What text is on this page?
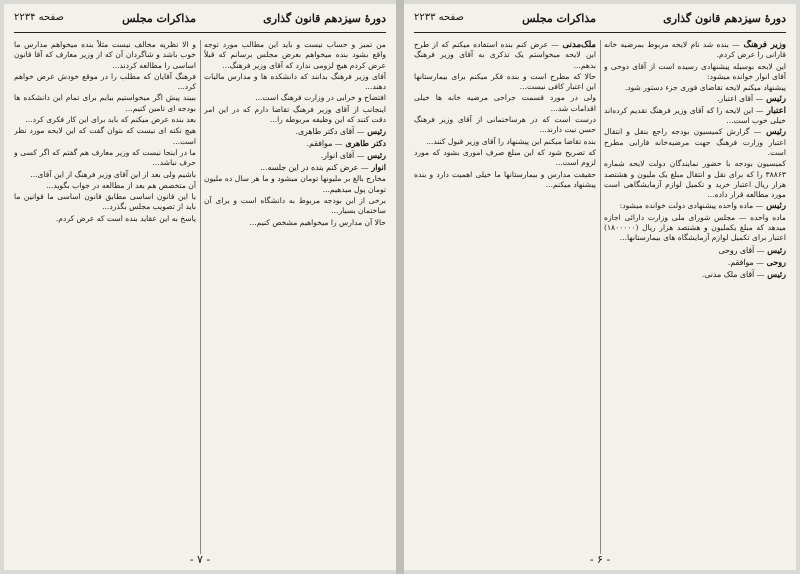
دورهٔ سیزدهم قانون گذاری
مذاکرات مجلس
صفحه ۲۲۳۴

من تمیز و حساب نیست و باید این مطالب مورد توجه واقع بشود بنده میخواهم بعرض مجلس برسانم که قبلاً عرض کردم هیچ لزومی ندارد که آقای وزیر فرهنگ...

آقای وزیر فرهنگ بدانند که دانشکده ها و مدارس مالیات دهند...

افتضاح و خرابی در وزارت فرهنگ است...

اینجانب از آقای وزیر فرهنگ تقاضا دارم که در این امر دقت کنند که این وظیفه مربوطه را...

رئیس — آقای دکتر طاهری.

دکتر طاهری — موافقم.

رئیس — آقای انوار.

انوار — عرض کنم بنده در این جلسه...

مخارج بالغ بر ملیونها تومان میشود و ما هر سال ده ملیون تومان پول میدهیم...

برخی از این بودجه مربوط به دانشگاه است و برای آن ساختمان بسیار...

حالا آن مدارس را میخواهیم مشخص کنیم...

و الا نظریه مخالف نیست مثلاً بنده میخواهم مدارس ما خوب باشد و شاگردان آن که از وزیر معارف که آقا قانون اساسی را مطالعه کردند...

فرهنگ آقایان که مطلب را در موقع خودش عرض خواهم کرد...

ببیند پیش اگر میخواستیم بیایم برای تمام این دانشکده ها بودجه ای تامین کنیم...

بعد بنده عرض میکنم که باید برای این کار فکری کرد...

هیچ نکته ای نیست که بتوان گفت که این لایحه مورد نظر است...

ما در اینجا نیست که وزیر معارف هم گفتم که اگر کسی و حرف نباشد...

باشیم ولی بعد از این آقای وزیر فرهنگ از این آقای...

آن متخصص هم بعد از مطالعه در جواب بگوید...

یا این قانون اساسی مطابق قانون اساسی ما قوانین ما باید از تصویب مجلس بگذرد...

پاسخ به این عقاید بنده است که عرض کردم.

- ۷ -
دورهٔ سیزدهم قانون گذاری
مذاکرات مجلس
صفحه ۲۲۳۳

وزیر فرهنگ — بنده شد نام لایحه مربوط بمرضیه خانه قارانی را عرض کردم.

این لایحه بوسیله پیشنهادی رسیده است از آقای دوحی و آقای انوار خوانده میشود:

پیشنهاد میکنم لایحه تقاضای فوری جزء دستور شود.

رئیس — آقای اعتبار.

اعتبار — این لایحه را که آقای وزیر فرهنگ تقدیم کرده‌اند خیلی خوب است...

رئیس — گزارش کمیسیون بودجه راجع بنقل و انتقال اعتبار وزارت فرهنگ جهت مرضیه‌خانه فارابی مطرح است.

کمیسیون بودجه با حضور نمایندگان دولت لایحه شماره ۳۸۸۶۳ را که برای نقل و انتقال مبلغ یک ملیون و هشتصد هزار ریال اعتبار خرید و تکمیل لوازم آزمایشگاهی است مورد مطالعه قرار داده...

رئیس — ماده واحده پیشنهادی دولت خوانده میشود:

ماده واحده — مجلس شورای ملی وزارت دارائی اجازه میدهد که مبلغ یکملیون و هشتصد هزار ریال (۱۸۰۰۰۰۰) اعتبار برای تکمیل لوازم آزمایشگاه های بیمارستانها...

رئیس — آقای روحی

روحی — موافقم.

رئیس — آقای ملک مدنی.

ملک‌مدنی — عرض کنم بنده استفاده میکنم که از طرح این لایحه میخواستم یک تذکری به آقای وزیر فرهنگ بدهم...

حالا که مطرح است و بنده فکر میکنم برای بیمارستانها این اعتبار کافی نیست...

ولی در مورد قسمت جراحی مرضیه خانه ها خیلی اقدامات شد...

درست است که در هرساختمانی از آقای وزیر فرهنگ حسن نیت دارند...

بنده تقاضا میکنم این پیشنهاد را آقای وزیر قبول کنند...

که تصریح شود که این مبلغ صرف اموری بشود که مورد لزوم است...

حقیقت مدارس و بیمارستانها ما خیلی اهمیت دارد و بنده پیشنهاد میکنم...

- ۶ -
